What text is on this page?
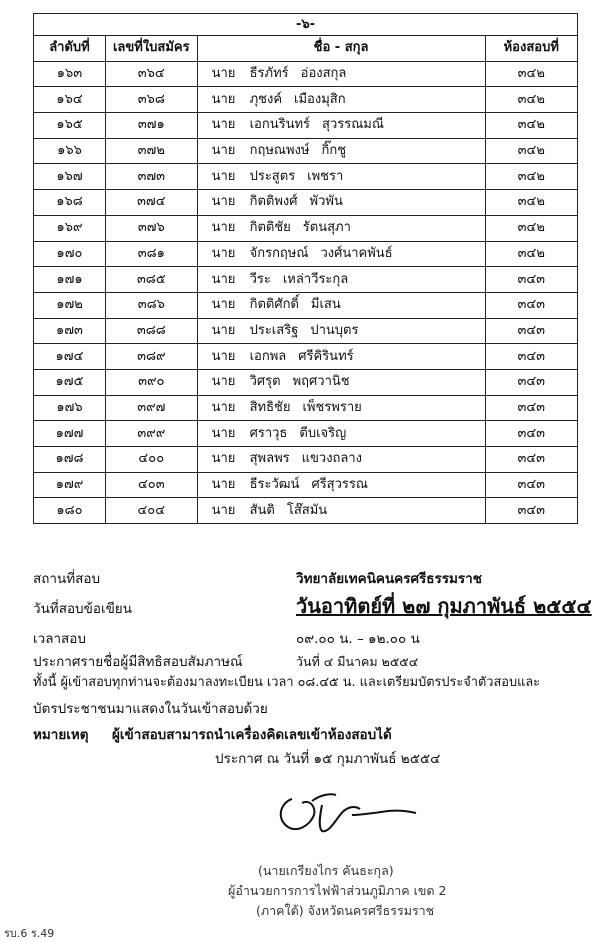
-๖-			
ลำดับที่	เลขที่ใบสมัคร	ชื่อ - สกุล	ห้องสอบที่
๑๖๓	๓๖๔	นาย ธีรภัทร์ อ่องสกุล	๓๔๒
๑๖๔	๓๖๘	นาย ภุชงค์ เมืองมุสิก	๓๔๒
๑๖๕	๓๗๑	นาย เอกนรินทร์ สุวรรณมณี	๓๔๒
๑๖๖	๓๗๒	นาย กฤษณพงษ์ กิ๊กชู	๓๔๒
๑๖๗	๓๗๓	นาย ประสูตร เพชรา	๓๔๒
๑๖๘	๓๗๔	นาย กิตติพงศ์ พัวพัน	๓๔๒
๑๖๙	๓๗๖	นาย กิตติชัย รัตนสุภา	๓๔๒
๑๗๐	๓๘๑	นาย จักรกฤษณ์ วงศ์นาคพันธ์	๓๔๒
๑๗๑	๓๘๕	นาย วีระ เหล่าวีระกุล	๓๔๓
๑๗๒	๓๘๖	นาย กิตติศักดิ์ มีเสน	๓๔๓
๑๗๓	๓๘๘	นาย ประเสริฐ ปานบุตร	๓๔๓
๑๗๔	๓๘๙	นาย เอกพล ศรีคิรินทร์	๓๔๓
๑๗๕	๓๙๐	นาย วิศรุต พฤศวานิช	๓๔๓
๑๗๖	๓๙๗	นาย สิทธิชัย เพ็ชรพราย	๓๔๓
๑๗๗	๓๙๙	นาย ศราวุธ ตีบเจริญ	๓๔๓
๑๗๘	๔๐๐	นาย สุพลพร แขวงถลาง	๓๔๓
๑๗๙	๔๐๓	นาย ธีระวัฒน์ ศรีสุวรรณ	๓๔๓
๑๘๐	๔๐๔	นาย สันติ โส๊สมัน	๓๔๓
สถานที่สอบ	วิทยาลัยเทคนิคนครศรีธรรมราช
วันที่สอบข้อเขียน	วันอาทิตย์ที่ ๒๗ กุมภาพันธ์ ๒๕๕๔
เวลาสอบ	๐๙.๐๐ น. – ๑๒.๐๐ น
ประกาศรายชื่อผู้มีสิทธิสอบสัมภาษณ์	วันที่ ๔ มีนาคม ๒๕๕๔
ทั้งนี้ ผู้เข้าสอบทุกท่านจะต้องมาลงทะเบียน เวลา ๐๘.๔๕ น. และเตรียมบัตรประจำตัวสอบและ
บัตรประชาชนมาแสดงในวันเข้าสอบด้วย
หมายเหตุ ผู้เข้าสอบสามารถนำเครื่องคิดเลขเข้าห้องสอบได้
ประกาศ ณ วันที่ ๑๕ กุมภาพันธ์ ๒๕๕๔
(นายเกรียงไกร คันธะกุล)
ผู้อำนวยการการไฟฟ้าส่วนภูมิภาค เขต 2
(ภาคใต้) จังหวัดนครศรีธรรมราช
รบ.6 ร.49
